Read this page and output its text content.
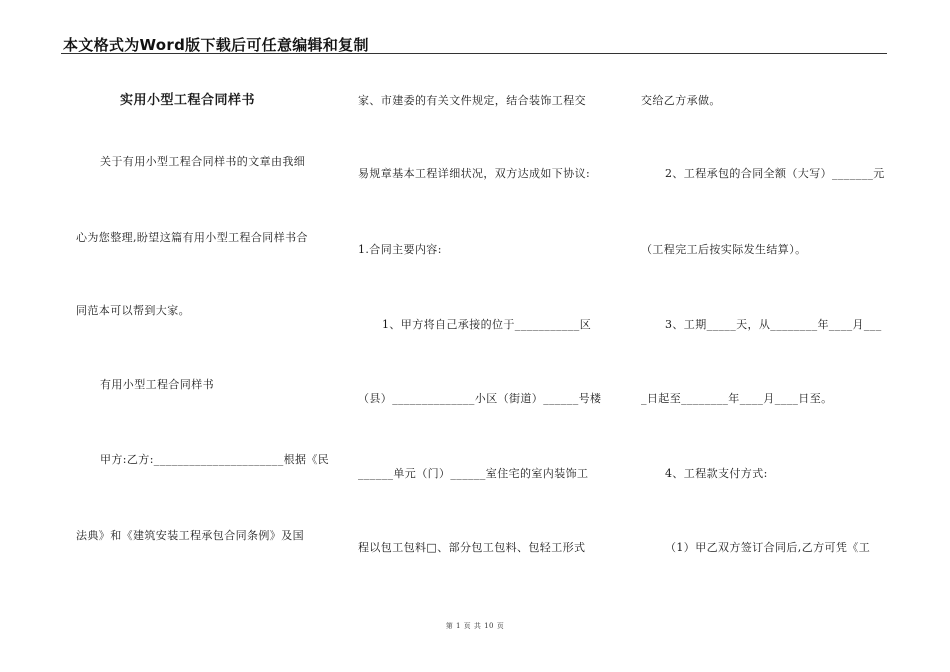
本文格式为Word版下载后可任意编辑和复制
实用小型工程合同样书
关于有用小型工程合同样书的文章由我细
心为您整理,盼望这篇有用小型工程合同样书合
同范本可以帮到大家。
有用小型工程合同样书
甲方:乙方:______________________根据《民
法典》和《建筑安装工程承包合同条例》及国
家、市建委的有关文件规定，结合装饰工程交
易规章基本工程详细状况，双方达成如下协议:
1.合同主要内容:
1、甲方将自己承接的位于___________区
（县）______________小区（街道）______号楼
______单元（门）______室住宅的室内装饰工
程以包工包料□、部分包工包料、包轻工形式
交给乙方承做。
2、工程承包的合同全额（大写）_______元
（工程完工后按实际发生结算）。
3、工期_____天，从________年____月___
_日起至________年____月____日至。
4、工程款支付方式:
（1）甲乙双方签订合同后,乙方可凭《工
第 1 页 共 10 页
